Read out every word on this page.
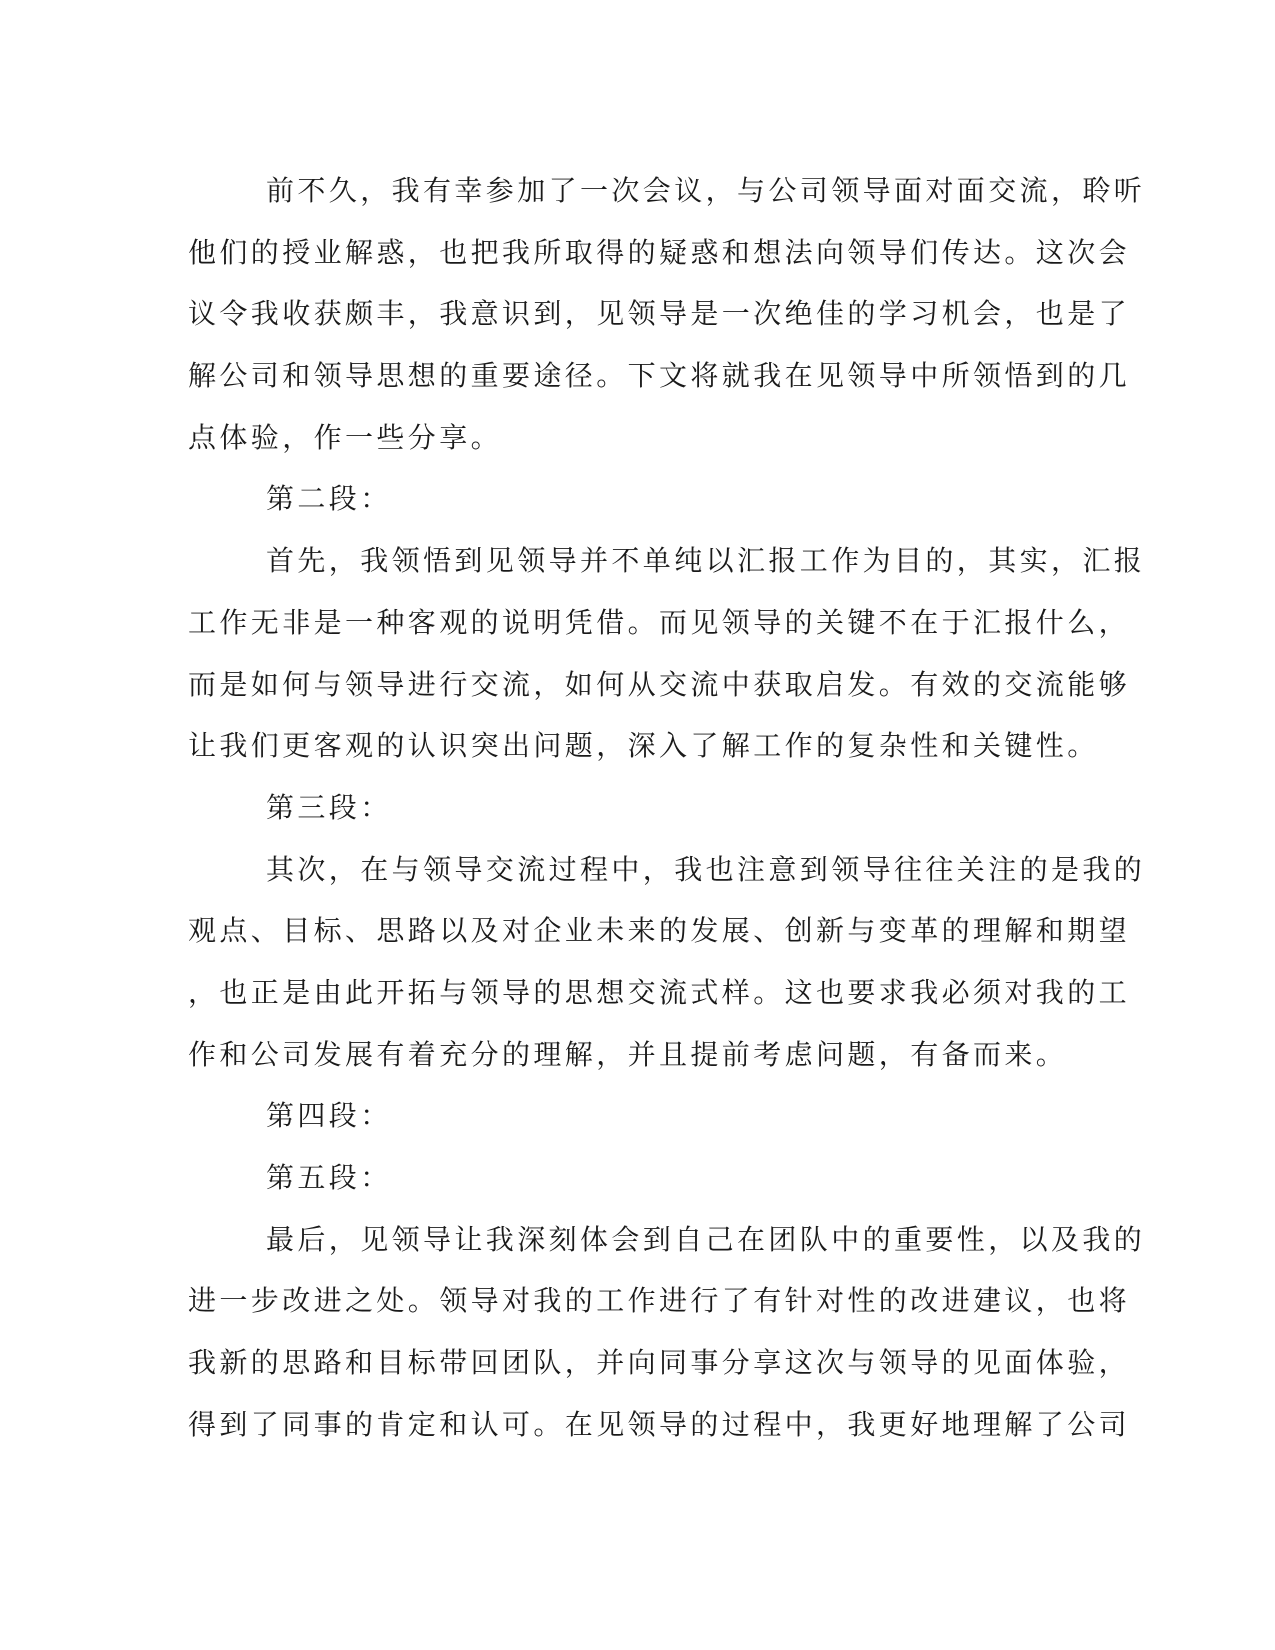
前不久，我有幸参加了一次会议，与公司领导面对面交流，聆听
他们的授业解惑，也把我所取得的疑惑和想法向领导们传达。这次会
议令我收获颇丰，我意识到，见领导是一次绝佳的学习机会，也是了
解公司和领导思想的重要途径。下文将就我在见领导中所领悟到的几
点体验，作一些分享。
第二段：
首先，我领悟到见领导并不单纯以汇报工作为目的，其实，汇报
工作无非是一种客观的说明凭借。而见领导的关键不在于汇报什么，
而是如何与领导进行交流，如何从交流中获取启发。有效的交流能够
让我们更客观的认识突出问题，深入了解工作的复杂性和关键性。
第三段：
其次，在与领导交流过程中，我也注意到领导往往关注的是我的
观点、目标、思路以及对企业未来的发展、创新与变革的理解和期望
，也正是由此开拓与领导的思想交流式样。这也要求我必须对我的工
作和公司发展有着充分的理解，并且提前考虑问题，有备而来。
第四段：
第五段：
最后，见领导让我深刻体会到自己在团队中的重要性，以及我的
进一步改进之处。领导对我的工作进行了有针对性的改进建议，也将
我新的思路和目标带回团队，并向同事分享这次与领导的见面体验，
得到了同事的肯定和认可。在见领导的过程中，我更好地理解了公司
